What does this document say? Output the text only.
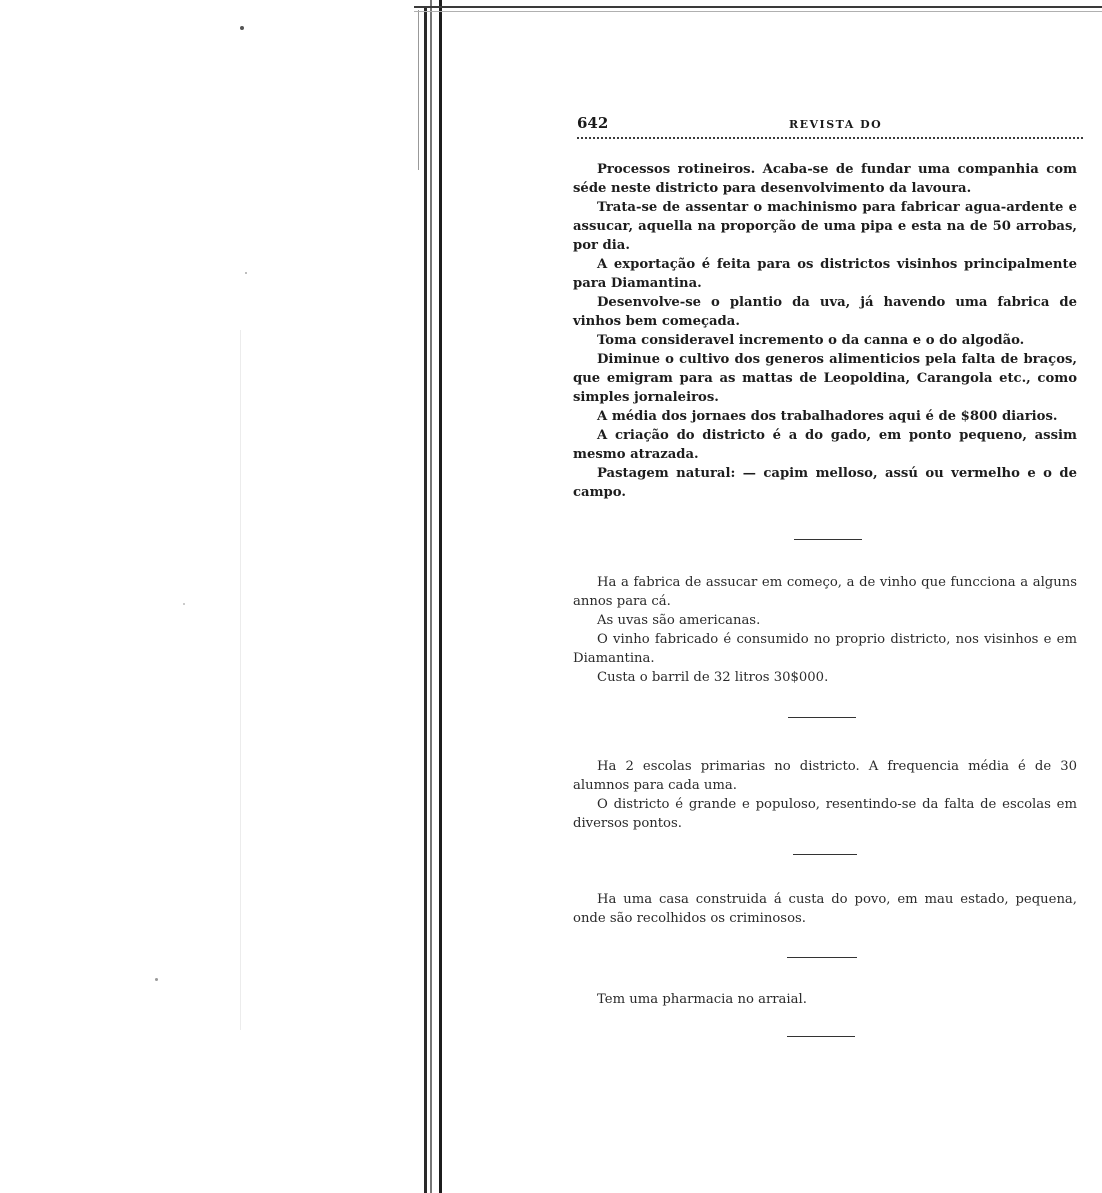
642	REVISTA DO

Processos rotineiros. Acaba-se de fundar uma companhia com séde neste districto para desenvolvimento da lavoura.

Trata-se de assentar o machinismo para fabricar agua-ardente e assucar, aquella na proporção de uma pipa e esta na de 50 arrobas, por dia.

A exportação é feita para os districtos visinhos principalmente para Diamantina.

Desenvolve-se o plantio da uva, já havendo uma fabrica de vinhos bem começada.

Toma consideravel incremento o da canna e o do algodão.

Diminue o cultivo dos generos alimenticios pela falta de braços, que emigram para as mattas de Leopoldina, Carangola etc., como simples jornaleiros.

A média dos jornaes dos trabalhadores aqui é de $800 diarios.

A criação do districto é a do gado, em ponto pequeno, assim mesmo atrazada.

Pastagem natural: — capim melloso, assú ou vermelho e o de campo.

Ha a fabrica de assucar em começo, a de vinho que funcciona a alguns annos para cá.

As uvas são americanas.

O vinho fabricado é consumido no proprio districto, nos visinhos e em Diamantina.

Custa o barril de 32 litros 30$000.

Ha 2 escolas primarias no districto. A frequencia média é de 30 alumnos para cada uma.

O districto é grande e populoso, resentindo-se da falta de escolas em diversos pontos.

Ha uma casa construida á custa do povo, em mau estado, pequena, onde são recolhidos os criminosos.

Tem uma pharmacia no arraial.
